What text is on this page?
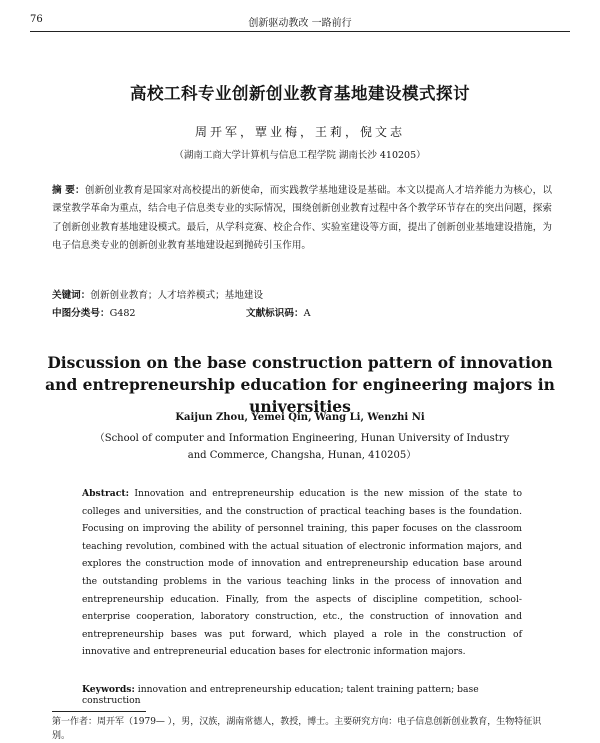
76	创新驱动教改 一路前行
高校工科专业创新创业教育基地建设模式探讨
周开军，覃业梅，王莉，倪文志
（湖南工商大学计算机与信息工程学院 湖南长沙 410205）

摘 要：创新创业教育是国家对高校提出的新使命，而实践教学基地建设是基础。本文以提高人才培养能力为核心，以课堂教学革命为重点，结合电子信息类专业的实际情况，围绕创新创业教育过程中各个教学环节存在的突出问题，探索了创新创业教育基地建设模式。最后，从学科竞赛、校企合作、实验室建设等方面，提出了创新创业基地建设措施，为电子信息类专业的创新创业教育基地建设起到抛砖引玉作用。

关键词：创新创业教育；人才培养模式；基地建设

中图分类号：G482	文献标识码：A

Discussion on the base construction pattern of innovation and entrepreneurship education for engineering majors in universities

Kaijun Zhou, Yemei Qin, Wang Li, Wenzhi Ni

（School of computer and Information Engineering, Hunan University of Industry and Commerce, Changsha, Hunan, 410205）

Abstract: Innovation and entrepreneurship education is the new mission of the state to colleges and universities, and the construction of practical teaching bases is the foundation. Focusing on improving the ability of personnel training, this paper focuses on the classroom teaching revolution, combined with the actual situation of electronic information majors, and explores the construction mode of innovation and entrepreneurship education base around the outstanding problems in the various teaching links in the process of innovation and entrepreneurship education. Finally, from the aspects of discipline competition, school-enterprise cooperation, laboratory construction, etc., the construction of innovation and entrepreneurship bases was put forward, which played a role in the construction of innovative and entrepreneurial education bases for electronic information majors.

Keywords: innovation and entrepreneurship education; talent training pattern; base construction

第一作者：周开军（1979— ），男，汉族，湖南常德人，教授，博士。主要研究方向：电子信息创新创业教育，生物特征识别。
